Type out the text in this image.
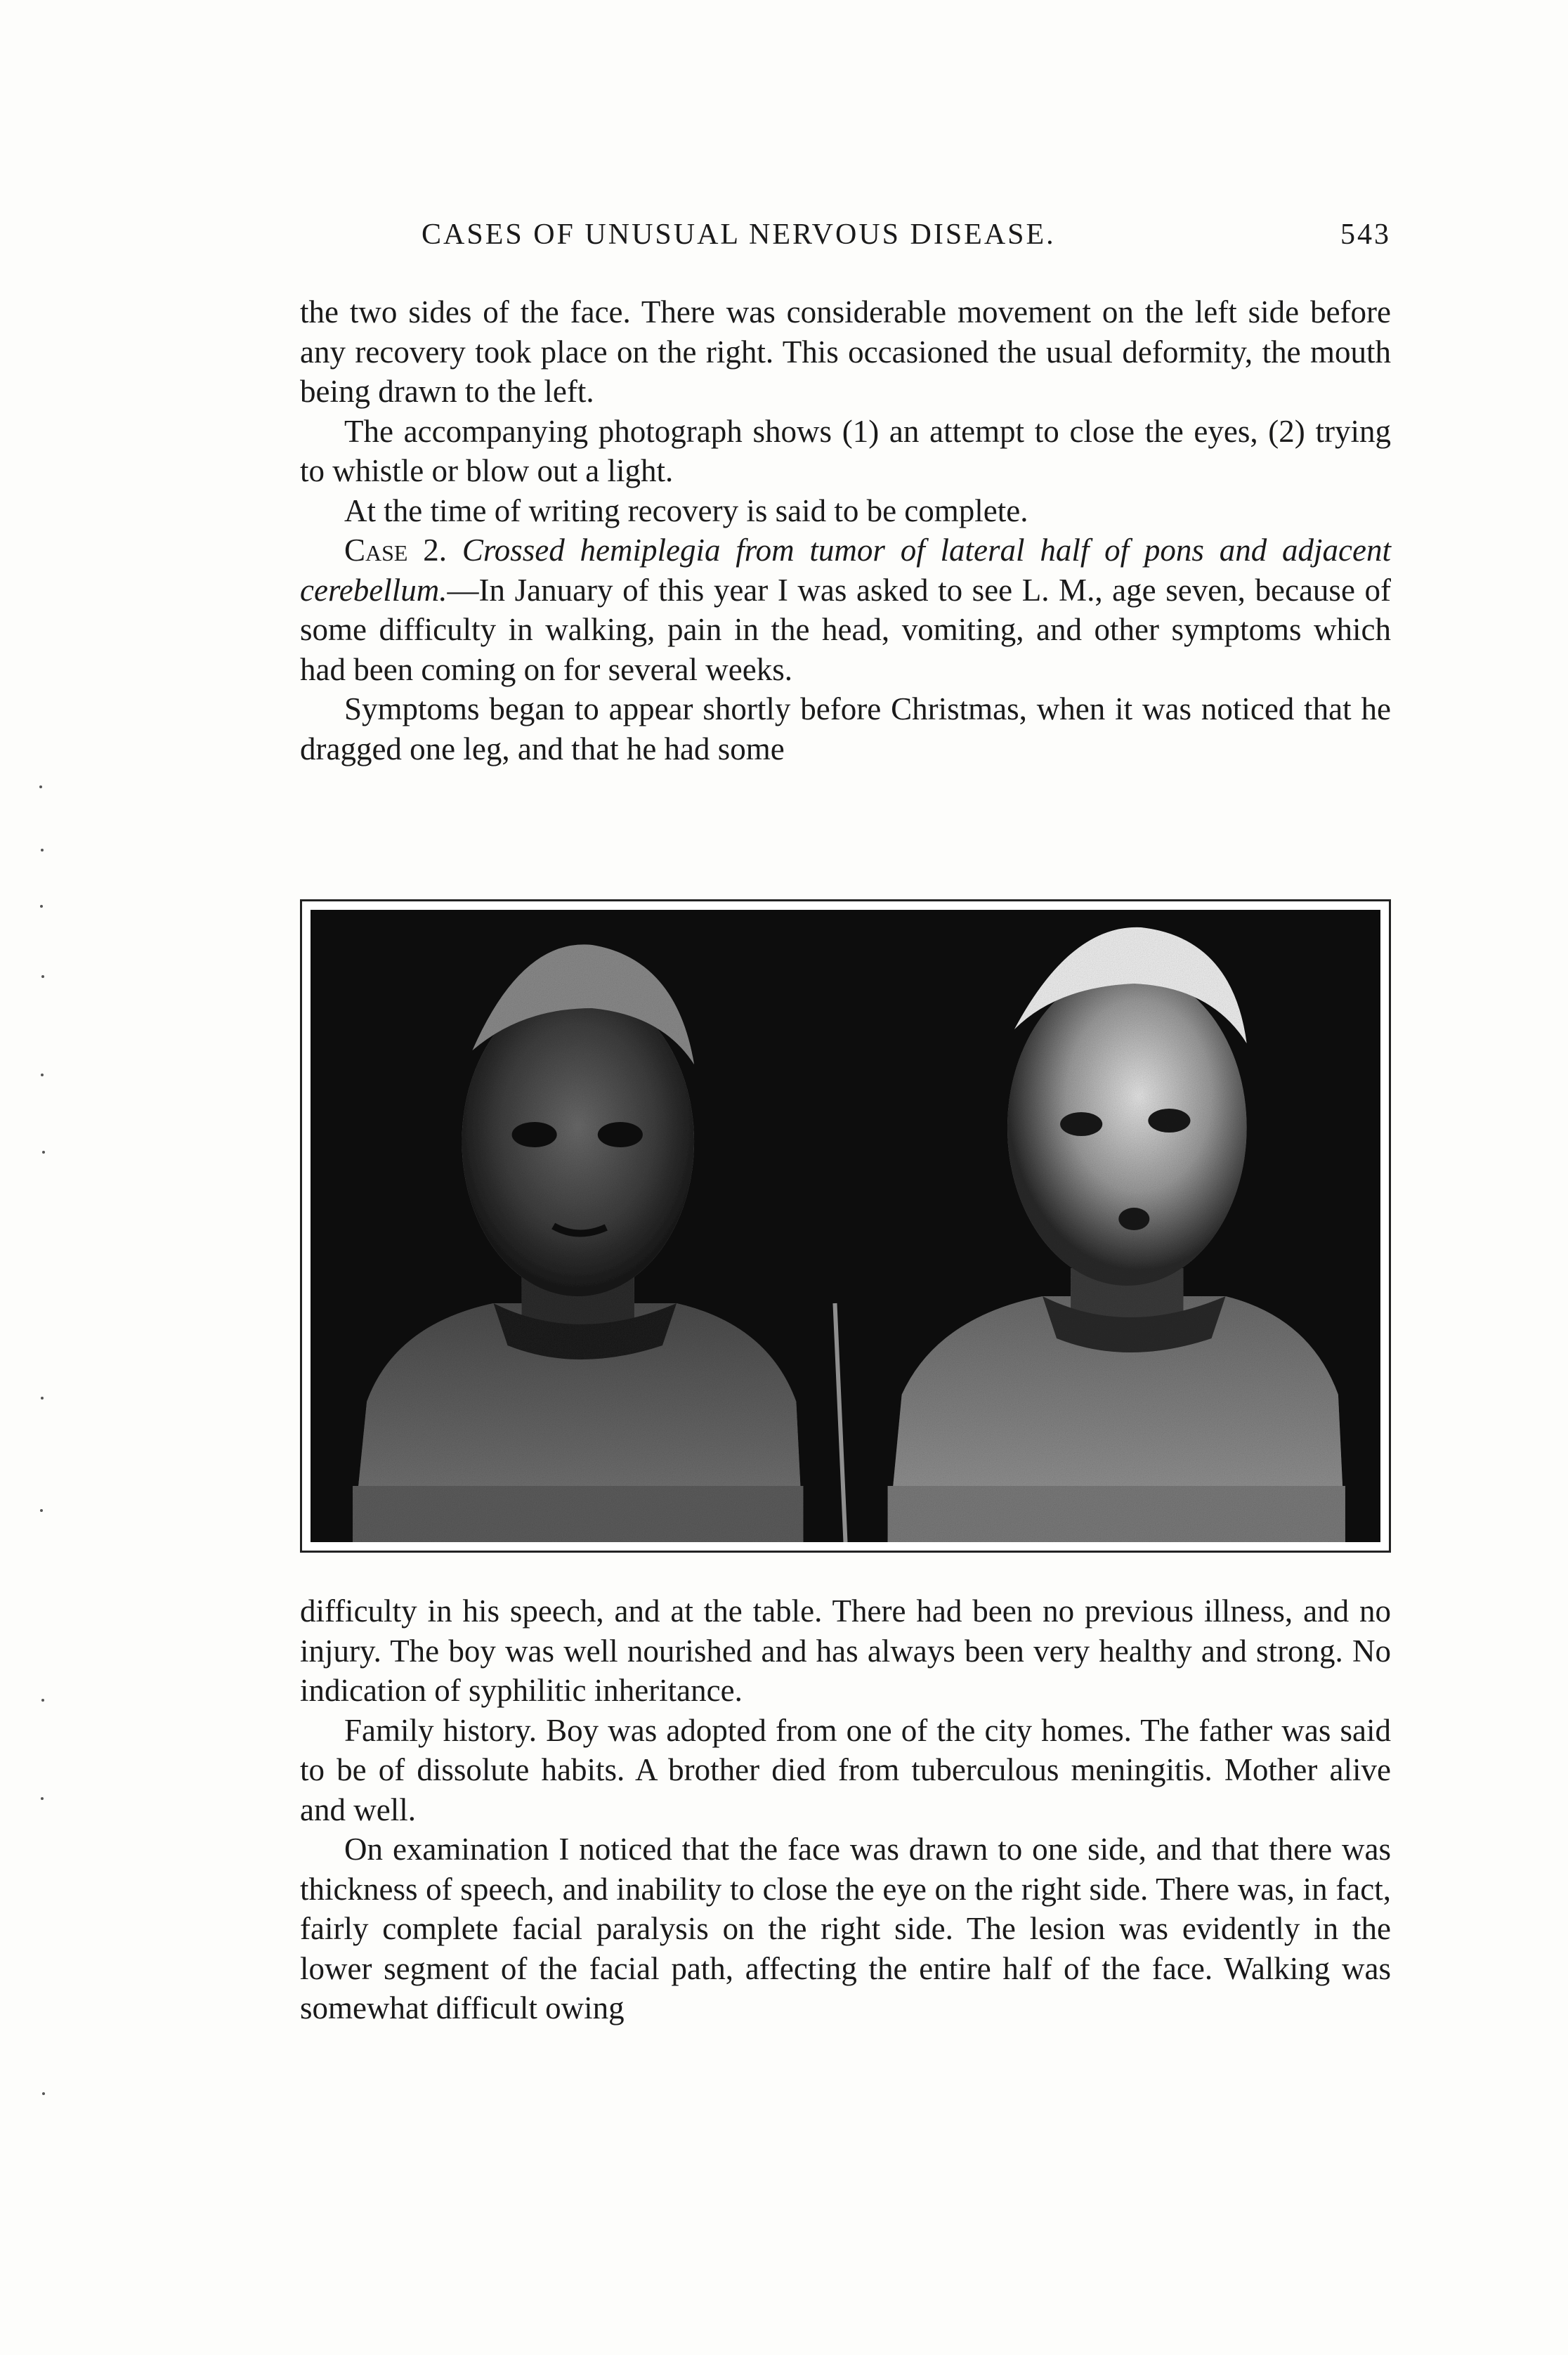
CASES OF UNUSUAL NERVOUS DISEASE.	543

the two sides of the face. There was considerable movement on the left side before any recovery took place on the right. This occasioned the usual deformity, the mouth being drawn to the left.

The accompanying photograph shows (1) an attempt to close the eyes, (2) trying to whistle or blow out a light.

At the time of writing recovery is said to be complete.

Case 2. Crossed hemiplegia from tumor of lateral half of pons and adjacent cerebellum.—In January of this year I was asked to see L. M., age seven, because of some difficulty in walking, pain in the head, vomiting, and other symptoms which had been coming on for several weeks.

Symptoms began to appear shortly before Christmas, when it was noticed that he dragged one leg, and that he had some

difficulty in his speech, and at the table. There had been no previous illness, and no injury. The boy was well nourished and has always been very healthy and strong. No indication of syphilitic inheritance.

Family history. Boy was adopted from one of the city homes. The father was said to be of dissolute habits. A brother died from tuberculous meningitis. Mother alive and well.

On examination I noticed that the face was drawn to one side, and that there was thickness of speech, and inability to close the eye on the right side. There was, in fact, fairly complete facial paralysis on the right side. The lesion was evidently in the lower segment of the facial path, affecting the entire half of the face. Walking was somewhat difficult owing
